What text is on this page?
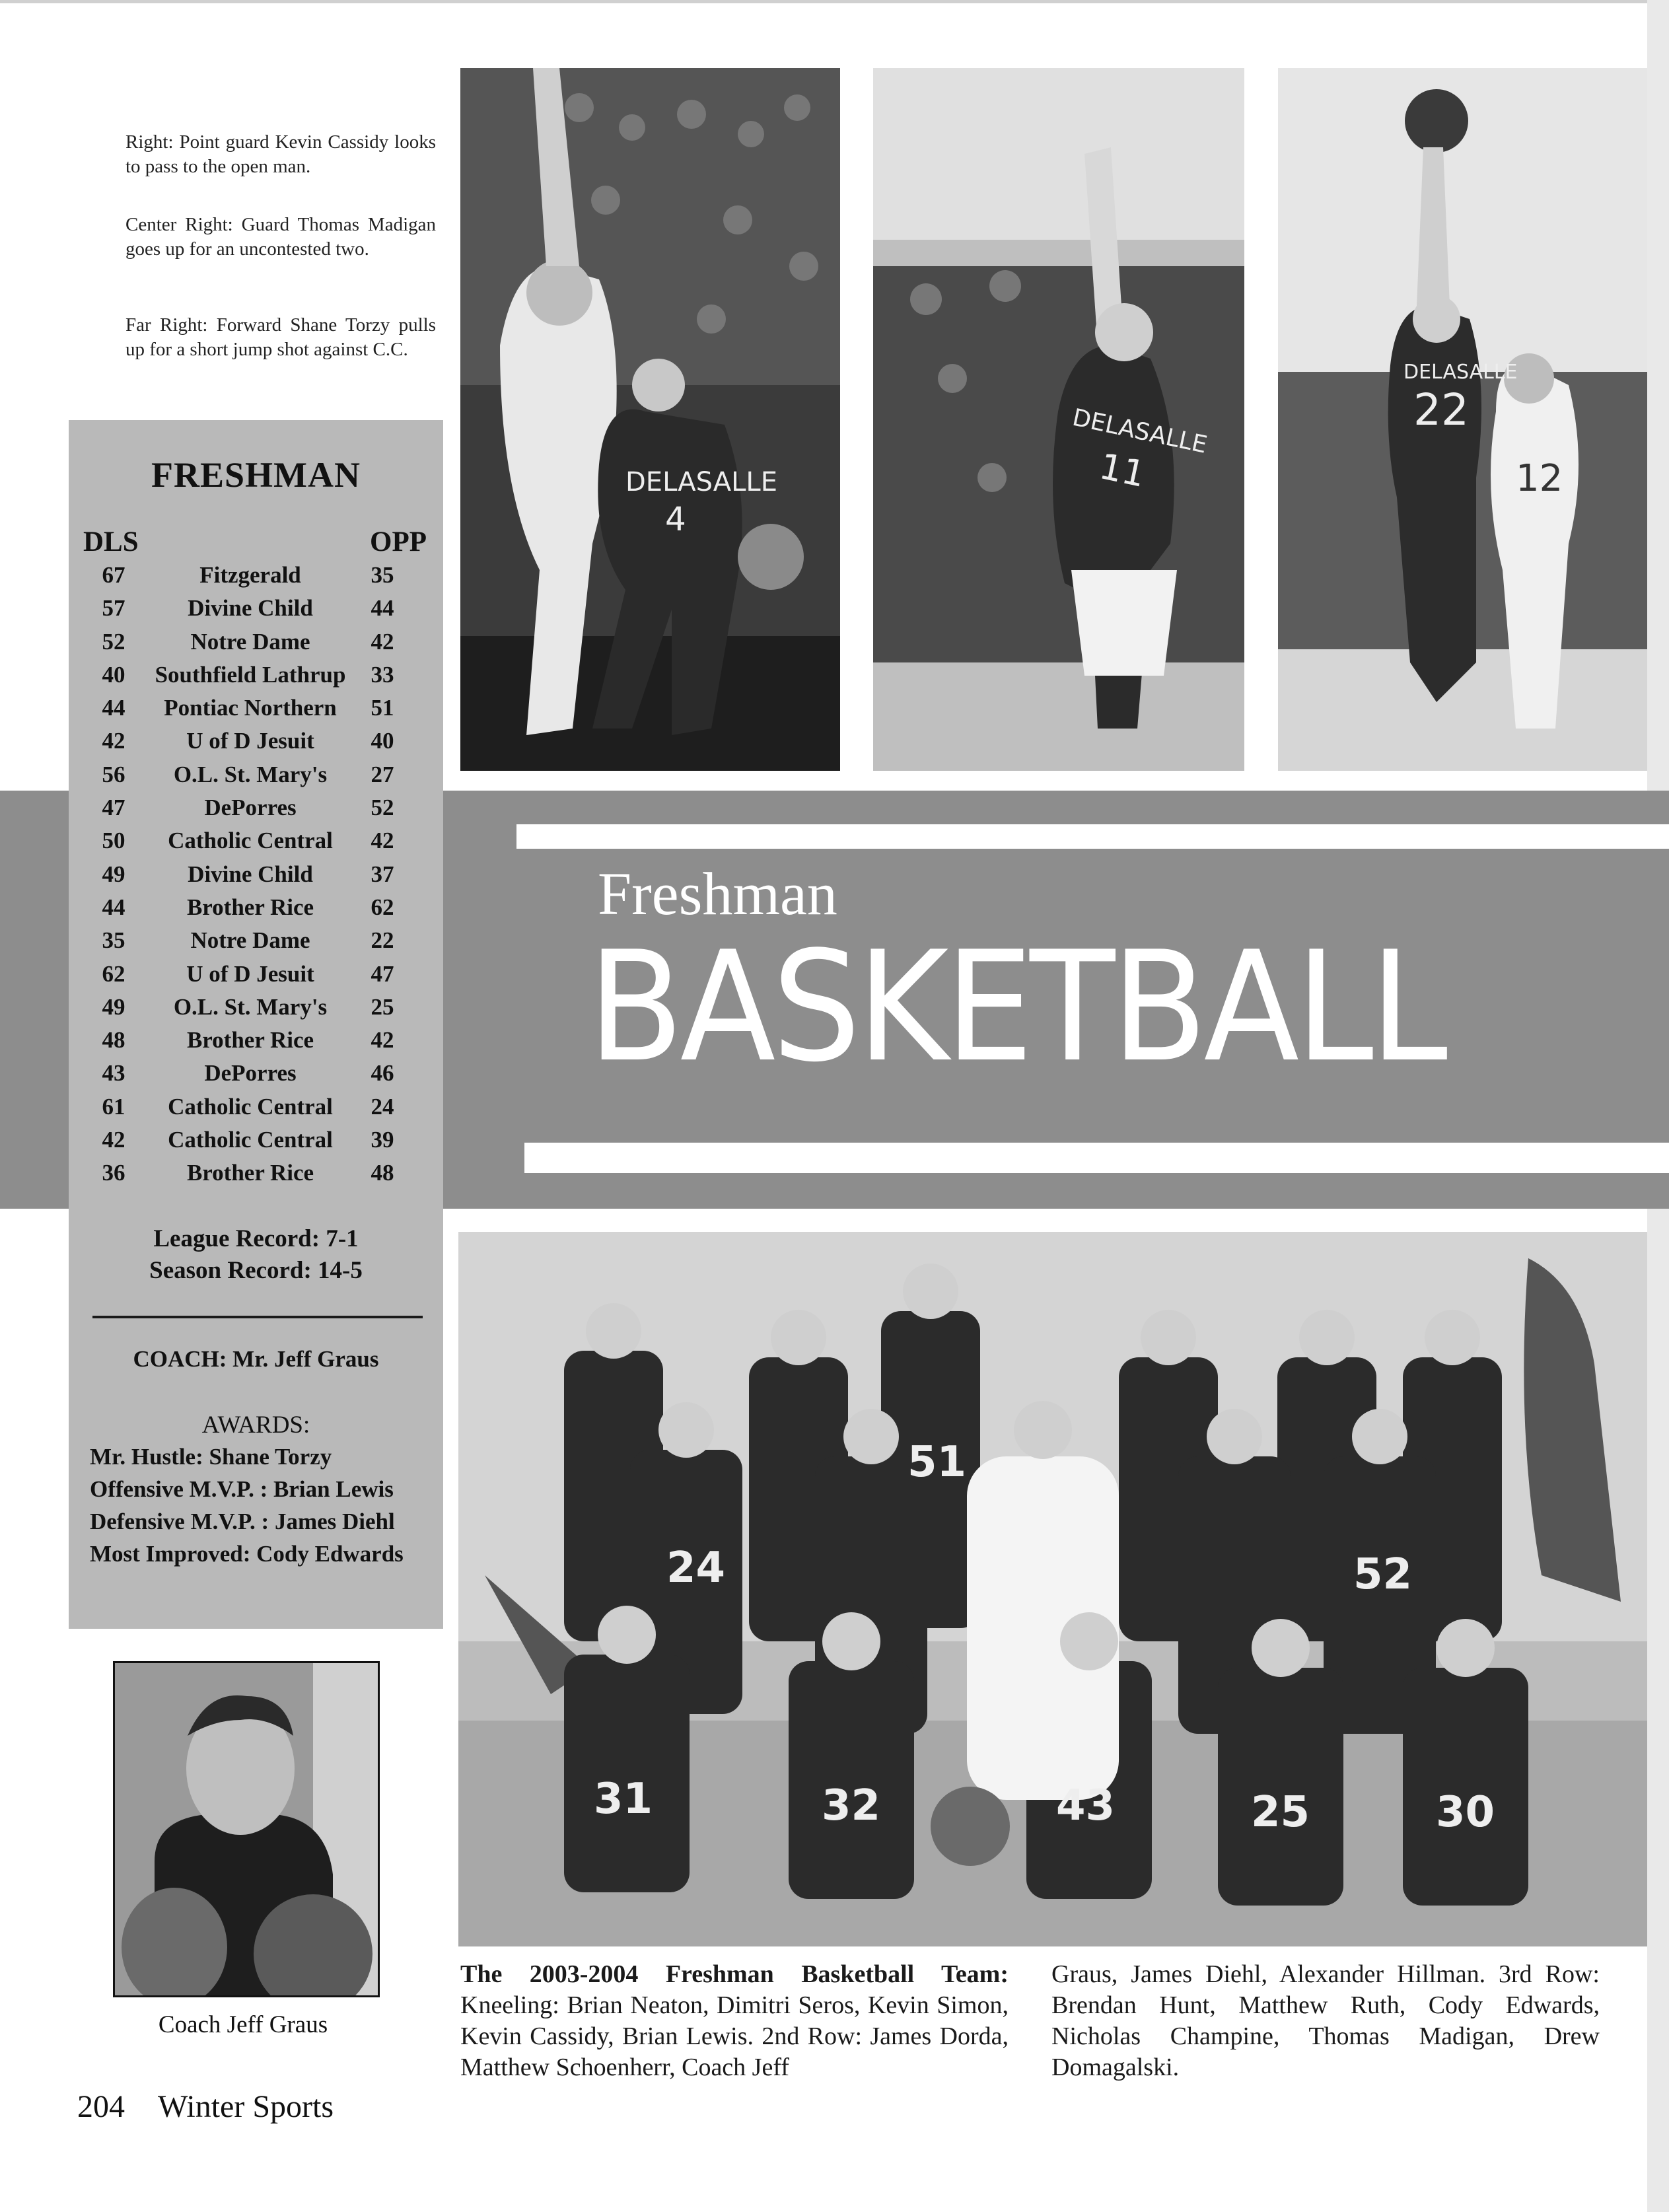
Right: Point guard Kevin Cassidy looks to pass to the open man.
Center Right: Guard Thomas Madigan goes up for an uncontested two.
Far Right: Forward Shane Torzy pulls up for a short jump shot against C.C.
DELASALLE
4
DELASALLE
11
DELASALLE
22
12
FRESHMAN
DLS	OPP
67	Fitzgerald	35
57	Divine Child	44
52	Notre Dame	42
40	Southfield Lathrup	33
44	Pontiac Northern	51
42	U of D Jesuit	40
56	O.L. St. Mary's	27
47	DePorres	52
50	Catholic Central	42
49	Divine Child	37
44	Brother Rice	62
35	Notre Dame	22
62	U of D Jesuit	47
49	O.L. St. Mary's	25
48	Brother Rice	42
43	DePorres	46
61	Catholic Central	24
42	Catholic Central	39
36	Brother Rice	48
League Record: 7-1
Season Record: 14-5
COACH: Mr. Jeff Graus
AWARDS:
Mr. Hustle: Shane Torzy
Offensive M.V.P. : Brian Lewis
Defensive M.V.P. : James Diehl
Most Improved: Cody Edwards
Freshman
BASKETBALL
31	32	43	25	30
24	52
51
The 2003-2004 Freshman Basketball Team: Kneeling: Brian Neaton, Dimitri Seros, Kevin Simon, Kevin Cassidy, Brian Lewis. 2nd Row: James Dorda, Matthew Schoenherr, Coach Jeff
Graus, James Diehl, Alexander Hillman. 3rd Row: Brendan Hunt, Matthew Ruth, Cody Edwards, Nicholas Champine, Thomas Madigan, Drew Domagalski.
Coach Jeff Graus
204 Winter Sports
